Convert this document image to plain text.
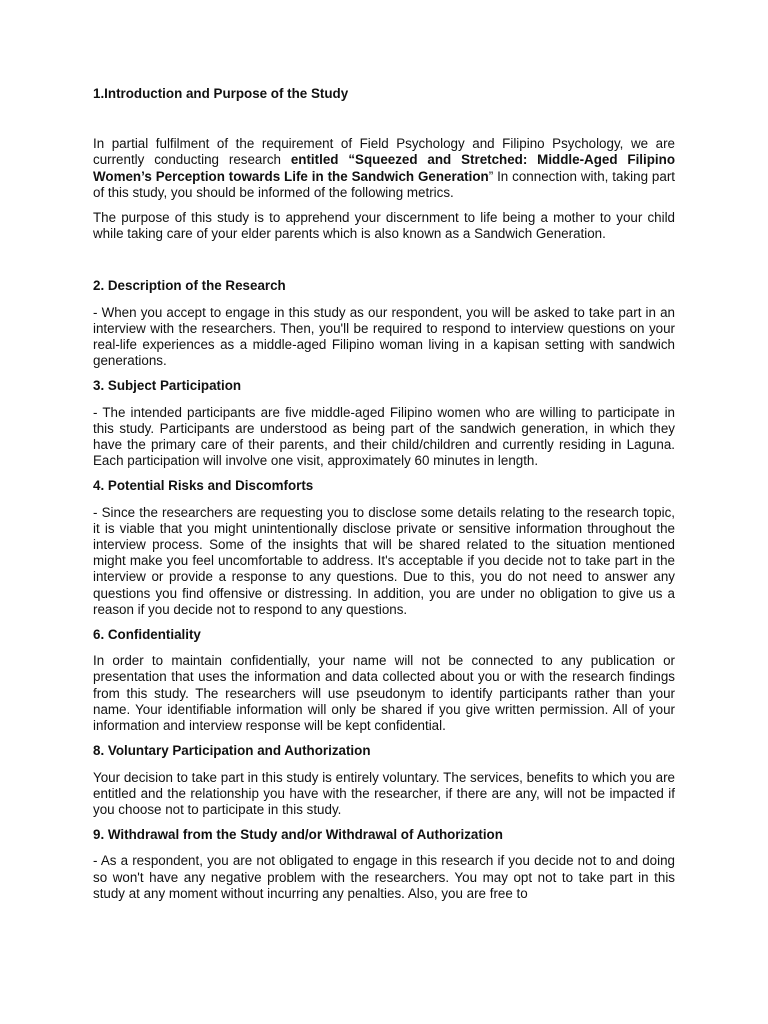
1.Introduction and Purpose of the Study

In partial fulfilment of the requirement of Field Psychology and Filipino Psychology, we are currently conducting research entitled “Squeezed and Stretched: Middle-Aged Filipino Women’s Perception towards Life in the Sandwich Generation” In connection with, taking part of this study, you should be informed of the following metrics.

The purpose of this study is to apprehend your discernment to life being a mother to your child while taking care of your elder parents which is also known as a Sandwich Generation.

2. Description of the Research

- When you accept to engage in this study as our respondent, you will be asked to take part in an interview with the researchers. Then, you'll be required to respond to interview questions on your real-life experiences as a middle-aged Filipino woman living in a kapisan setting with sandwich generations.

3. Subject Participation

- The intended participants are five middle-aged Filipino women who are willing to participate in this study. Participants are understood as being part of the sandwich generation, in which they have the primary care of their parents, and their child/children and currently residing in Laguna. Each participation will involve one visit, approximately 60 minutes in length.

4. Potential Risks and Discomforts

- Since the researchers are requesting you to disclose some details relating to the research topic, it is viable that you might unintentionally disclose private or sensitive information throughout the interview process. Some of the insights that will be shared related to the situation mentioned might make you feel uncomfortable to address. It's acceptable if you decide not to take part in the interview or provide a response to any questions. Due to this, you do not need to answer any questions you find offensive or distressing. In addition, you are under no obligation to give us a reason if you decide not to respond to any questions.

6. Confidentiality

In order to maintain confidentially, your name will not be connected to any publication or presentation that uses the information and data collected about you or with the research findings from this study. The researchers will use pseudonym to identify participants rather than your name. Your identifiable information will only be shared if you give written permission. All of your information and interview response will be kept confidential.

8. Voluntary Participation and Authorization

Your decision to take part in this study is entirely voluntary. The services, benefits to which you are entitled and the relationship you have with the researcher, if there are any, will not be impacted if you choose not to participate in this study.

9. Withdrawal from the Study and/or Withdrawal of Authorization

- As a respondent, you are not obligated to engage in this research if you decide not to and doing so won't have any negative problem with the researchers. You may opt not to take part in this study at any moment without incurring any penalties. Also, you are free to
